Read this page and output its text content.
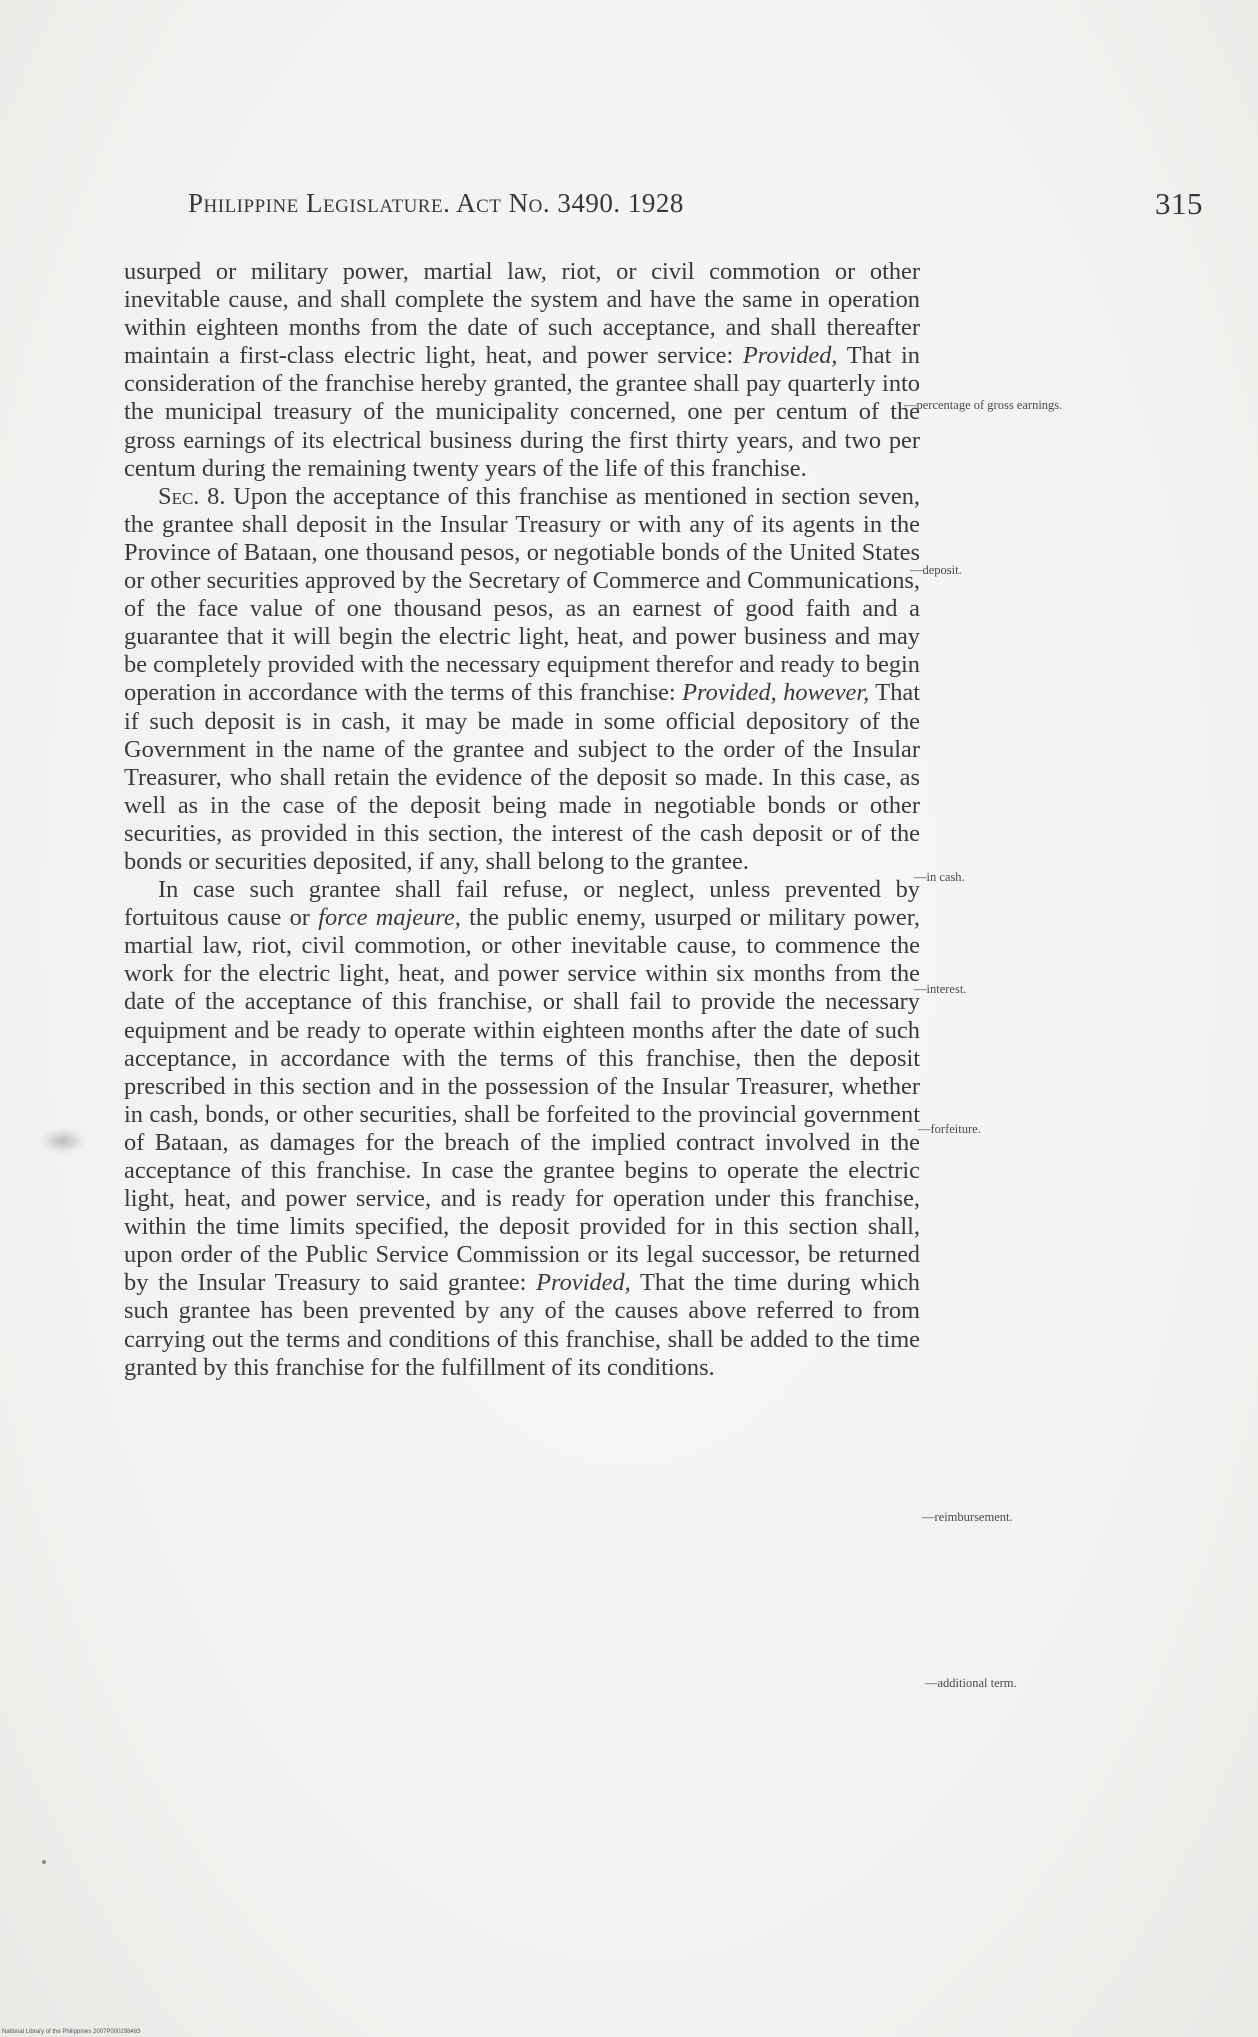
Philippine Legislature. Act No. 3490. 1928	315

usurped or military power, martial law, riot, or civil commotion or other inevitable cause, and shall complete the system and have the same in operation within eighteen months from the date of such acceptance, and shall thereafter maintain a first-class electric light, heat, and power service: Provided, That in consideration of the franchise hereby granted, the grantee shall pay quarterly into the municipal treasury of the municipality concerned, one per centum of the gross earnings of its electrical business during the first thirty years, and two per centum during the remaining twenty years of the life of this franchise.

Sec. 8. Upon the acceptance of this franchise as mentioned in section seven, the grantee shall deposit in the Insular Treasury or with any of its agents in the Province of Bataan, one thousand pesos, or negotiable bonds of the United States or other securities approved by the Secretary of Commerce and Communications, of the face value of one thousand pesos, as an earnest of good faith and a guarantee that it will begin the electric light, heat, and power business and may be completely provided with the necessary equipment therefor and ready to begin operation in accordance with the terms of this franchise: Provided, however, That if such deposit is in cash, it may be made in some official depository of the Government in the name of the grantee and subject to the order of the Insular Treasurer, who shall retain the evidence of the deposit so made. In this case, as well as in the case of the deposit being made in negotiable bonds or other securities, as provided in this section, the interest of the cash deposit or of the bonds or securities deposited, if any, shall belong to the grantee.

In case such grantee shall fail refuse, or neglect, unless prevented by fortuitous cause or force majeure, the public enemy, usurped or military power, martial law, riot, civil commotion, or other inevitable cause, to commence the work for the electric light, heat, and power service within six months from the date of the acceptance of this franchise, or shall fail to provide the necessary equipment and be ready to operate within eighteen months after the date of such acceptance, in accordance with the terms of this franchise, then the deposit prescribed in this section and in the possession of the Insular Treasurer, whether in cash, bonds, or other securities, shall be forfeited to the provincial government of Bataan, as damages for the breach of the implied contract involved in the acceptance of this franchise. In case the grantee begins to operate the electric light, heat, and power service, and is ready for operation under this franchise, within the time limits specified, the deposit provided for in this section shall, upon order of the Public Service Commission or its legal successor, be returned by the Insular Treasury to said grantee: Provided, That the time during which such grantee has been prevented by any of the causes above referred to from carrying out the terms and conditions of this franchise, shall be added to the time granted by this franchise for the fulfillment of its conditions.

—percentage of gross earnings.
—deposit.
—in cash.
—interest.
—forfeiture.
—reimbursement.
—additional term.
National Library of the Philippines 2007P000298483
